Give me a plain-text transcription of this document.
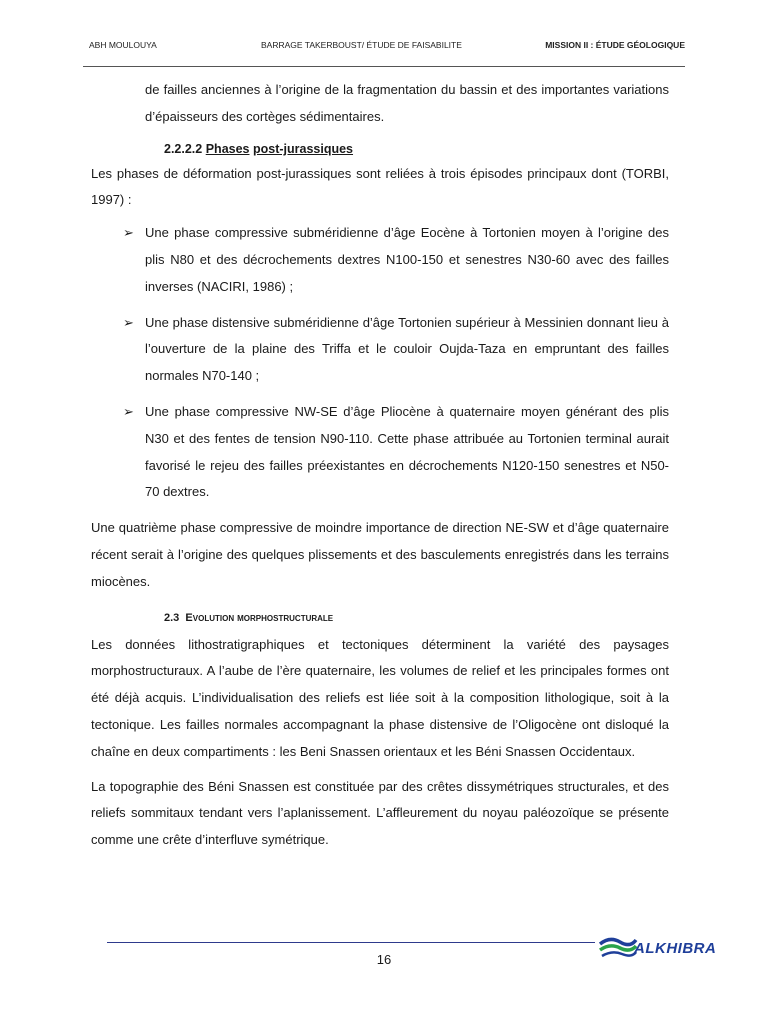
ABH MOULOUYA	BARRAGE TAKERBOUST/ ÉTUDE DE FAISABILITE	MISSION II : ÉTUDE GÉOLOGIQUE

de failles anciennes à l’origine de la fragmentation du bassin et des importantes variations d’épaisseurs des cortèges sédimentaires.

2.2.2.2 Phases post-jurassiques

Les phases de déformation post-jurassiques sont reliées à trois épisodes principaux dont (TORBI, 1997) :

➢ Une phase compressive subméridienne d’âge Eocène à Tortonien moyen à l’origine des plis N80 et des décrochements dextres N100-150 et senestres N30-60 avec des failles inverses (NACIRI, 1986) ;
➢ Une phase distensive subméridienne d’âge Tortonien supérieur à Messinien donnant lieu à l’ouverture de la plaine des Triffa et le couloir Oujda-Taza en empruntant des failles normales N70-140 ;
➢ Une phase compressive NW-SE d’âge Pliocène à quaternaire moyen générant des plis N30 et des fentes de tension N90-110. Cette phase attribuée au Tortonien terminal aurait favorisé le rejeu des failles préexistantes en décrochements N120-150 senestres et N50-70 dextres.

Une quatrième phase compressive de moindre importance de direction NE-SW et d’âge quaternaire récent serait à l’origine des quelques plissements et des basculements enregistrés dans les terrains miocènes.

2.3 Evolution morphostructurale

Les données lithostratigraphiques et tectoniques déterminent la variété des paysages morphostructuraux. A l’aube de l’ère quaternaire, les volumes de relief et les principales formes ont été déjà acquis. L’individualisation des reliefs est liée soit à la composition lithologique, soit à la tectonique. Les failles normales accompagnant la phase distensive de l’Oligocène ont disloqué la chaîne en deux compartiments : les Beni Snassen orientaux et les Béni Snassen Occidentaux.

La topographie des Béni Snassen est constituée par des crêtes dissymétriques structurales, et des reliefs sommitaux tendant vers l’aplanissement. L’affleurement du noyau paléozoïque se présente comme une crête d’interfluve symétrique.

16
ALKHIBRA
